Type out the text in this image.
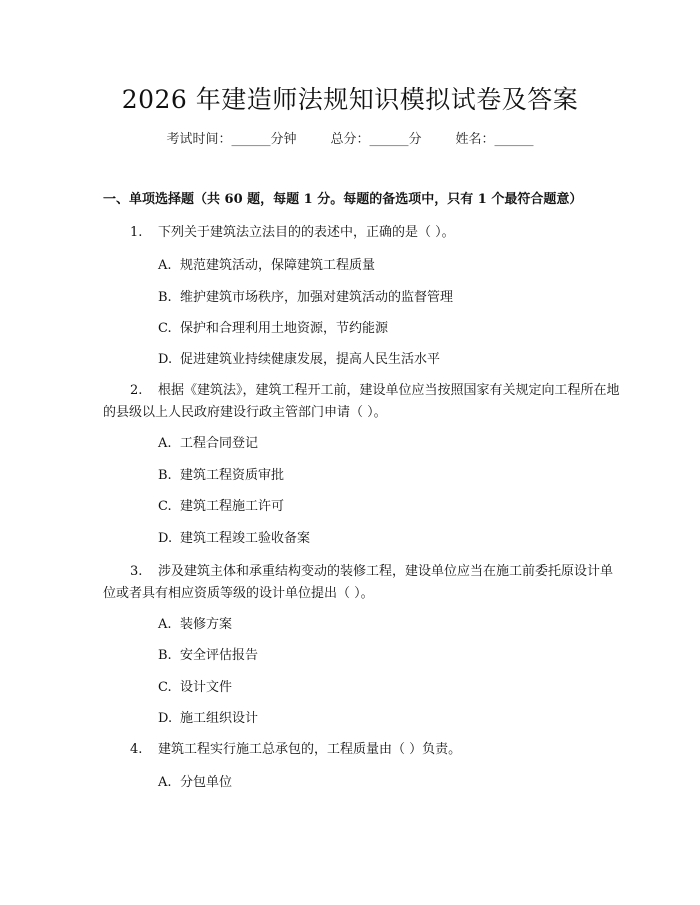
2026 年建造师法规知识模拟试卷及答案
考试时间：______分钟	总分：______分	姓名：______
一、单项选择题（共 60 题，每题 1 分。每题的备选项中，只有 1 个最符合题意）
1. 下列关于建筑法立法目的的表述中，正确的是（ ）。
A. 规范建筑活动，保障建筑工程质量
B. 维护建筑市场秩序，加强对建筑活动的监督管理
C. 保护和合理利用土地资源，节约能源
D. 促进建筑业持续健康发展，提高人民生活水平
2. 根据《建筑法》，建筑工程开工前，建设单位应当按照国家有关规定向工程所在地的县级以上人民政府建设行政主管部门申请（ ）。
A. 工程合同登记
B. 建筑工程资质审批
C. 建筑工程施工许可
D. 建筑工程竣工验收备案
3. 涉及建筑主体和承重结构变动的装修工程，建设单位应当在施工前委托原设计单位或者具有相应资质等级的设计单位提出（ ）。
A. 装修方案
B. 安全评估报告
C. 设计文件
D. 施工组织设计
4. 建筑工程实行施工总承包的，工程质量由（ ）负责。
A. 分包单位
